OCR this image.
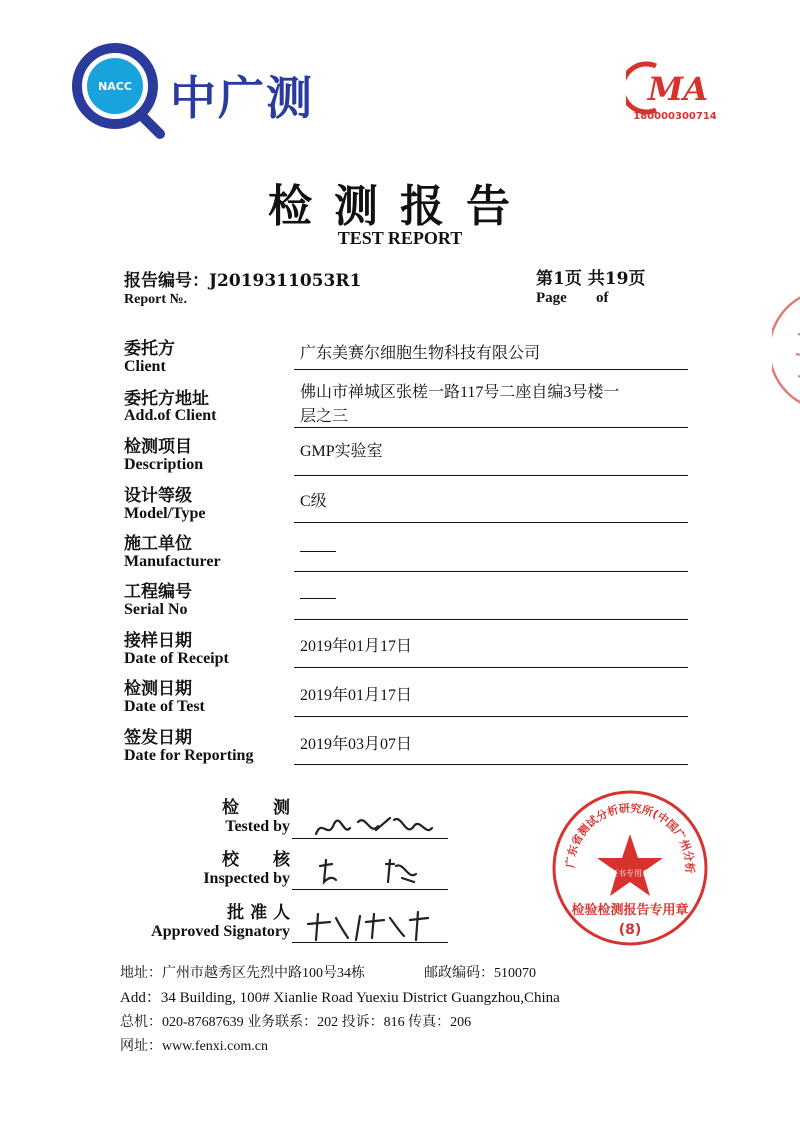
NACC 中广测	MA
180000300714
检测报告
TEST REPORT
报告编号：J2019311053R1
Report №.
第1页 共19页
Page of
委托方
Client
广东美赛尔细胞生物科技有限公司
委托方地址
Add.of Client
佛山市禅城区张槎一路117号二座自编3号楼一
层之三
检测项目
Description
GMP实验室
设计等级
Model/Type
C级
施工单位
Manufacturer
工程编号
Serial No
接样日期
Date of Receipt
2019年01月17日
检测日期
Date of Test
2019年01月17日
签发日期
Date for Reporting
2019年03月07日
检　　测
Tested by
校　　核
Inspected by
批 准 人
Approved Signatory
广东省测试分析研究所(中国广州分析
证书专用章
检验检测报告专用章
(8)
地址：广州市越秀区先烈中路100号34栋	邮政编码：510070
Add：34 Building, 100# Xianlie Road Yuexiu District Guangzhou,China
总机：020-87687639 业务联系：202 投诉：816 传真：206
网址：www.fenxi.com.cn
